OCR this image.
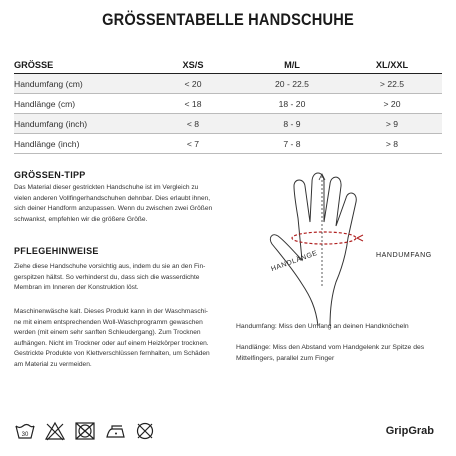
GRÖSSENTABELLE HANDSCHUHE
GRÖSSE	XS/S	M/L	XL/XXL
Handumfang (cm)	< 20	20 - 22.5	> 22.5
Handlänge (cm)	< 18	18 - 20	> 20
Handumfang (inch)	< 8	8 - 9	> 9
Handlänge (inch)	< 7	7 - 8	> 8
GRÖSSEN-TIPP
Das Material dieser gestrickten Handschuhe ist im Vergleich zu
vielen anderen Vollfingerhandschuhen dehnbar. Dies erlaubt ihnen,
sich deiner Handform anzupassen. Wenn du zwischen zwei Größen
schwankst, empfehlen wir die größere Größe.
PFLEGEHINWEISE
Ziehe diese Handschuhe vorsichtig aus, indem du sie an den Fin-
gerspitzen hältst. So verhinderst du, dass sich die wasserdichte
Membran im Inneren der Konstruktion löst.
Maschinenwäsche kalt. Dieses Produkt kann in der Waschmaschi-
ne mit einem entsprechenden Woll-Waschprogramm gewaschen
werden (mit einem sehr sanften Schleudergang). Zum Trocknen
aufhängen. Nicht im Trockner oder auf einem Heizkörper trocknen.
Gestrickte Produkte von Klettverschlüssen fernhalten, um Schäden
am Material zu vermeiden.
30
HANDLÄNGE	HANDUMFANG
Handumfang: Miss den Umfang an deinen Handknöcheln
Handlänge: Miss den Abstand vom Handgelenk zur Spitze des
Mittelfingers, parallel zum Finger
GripGrab
